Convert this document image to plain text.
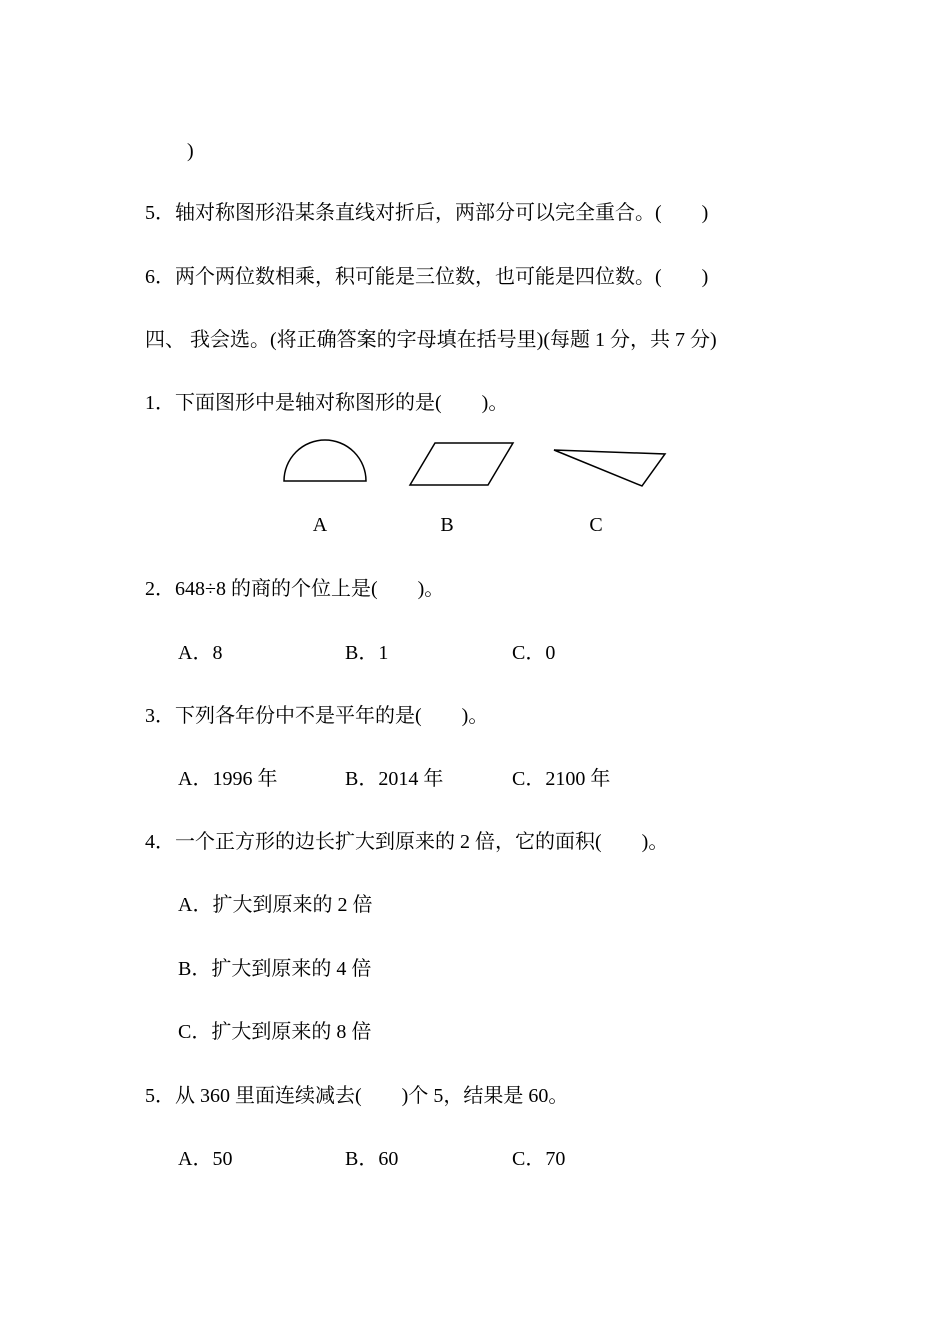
)
5．轴对称图形沿某条直线对折后，两部分可以完全重合。(　　)
6．两个两位数相乘，积可能是三位数，也可能是四位数。(　　)
四、 我会选。(将正确答案的字母填在括号里)(每题 1 分，共 7 分)
1．下面图形中是轴对称图形的是(　　)。
A	B	C
2．648÷8 的商的个位上是(　　)。
A．8	B．1	C．0
3．下列各年份中不是平年的是(　　)。
A．1996 年	B．2014 年	C．2100 年
4．一个正方形的边长扩大到原来的 2 倍，它的面积(　　)。
A．扩大到原来的 2 倍
B．扩大到原来的 4 倍
C．扩大到原来的 8 倍
5．从 360 里面连续减去(　　)个 5，结果是 60。
A．50	B．60	C．70
